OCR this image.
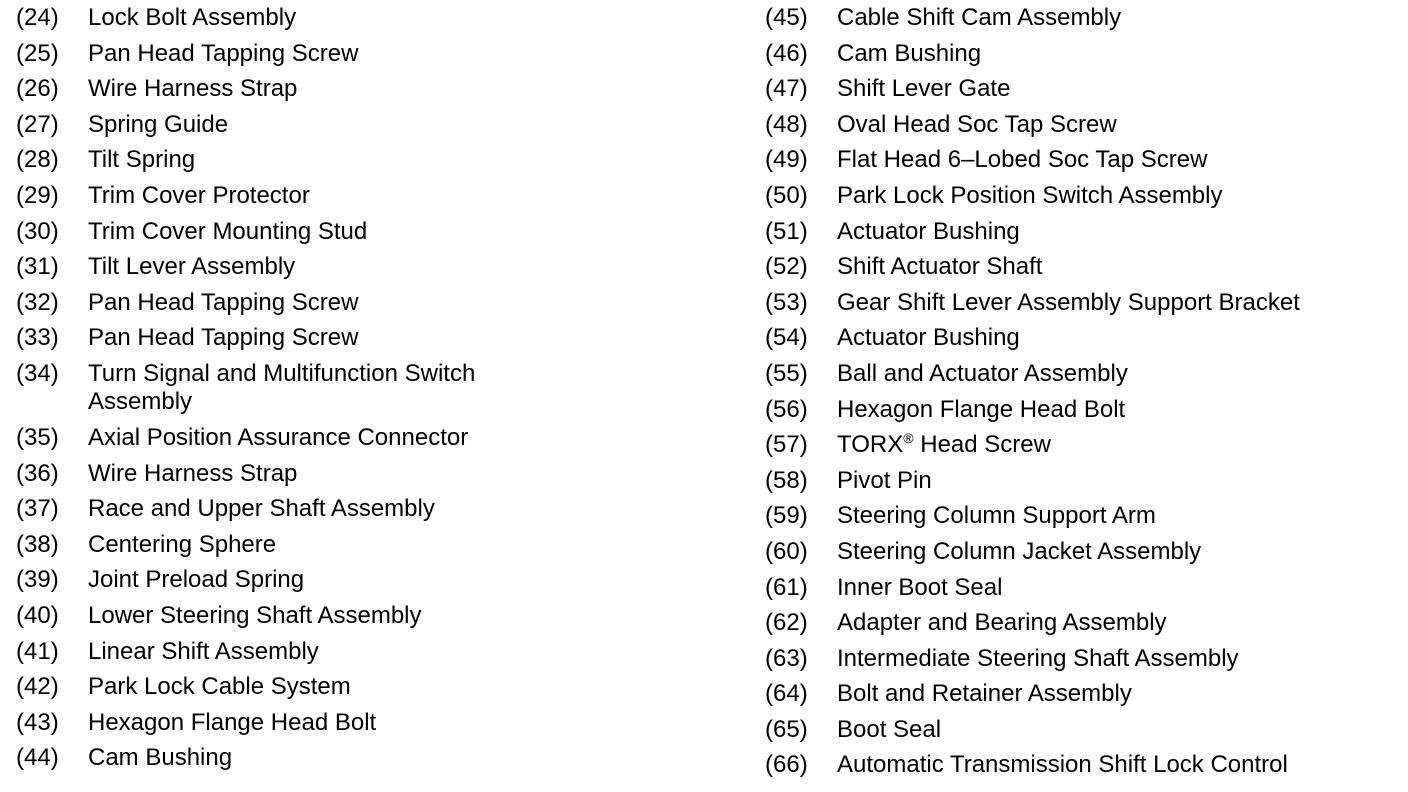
(24)	Lock Bolt Assembly
(25)	Pan Head Tapping Screw
(26)	Wire Harness Strap
(27)	Spring Guide
(28)	Tilt Spring
(29)	Trim Cover Protector
(30)	Trim Cover Mounting Stud
(31)	Tilt Lever Assembly
(32)	Pan Head Tapping Screw
(33)	Pan Head Tapping Screw
(34)	Turn Signal and Multifunction Switch Assembly
(35)	Axial Position Assurance Connector
(36)	Wire Harness Strap
(37)	Race and Upper Shaft Assembly
(38)	Centering Sphere
(39)	Joint Preload Spring
(40)	Lower Steering Shaft Assembly
(41)	Linear Shift Assembly
(42)	Park Lock Cable System
(43)	Hexagon Flange Head Bolt
(44)	Cam Bushing
(45)	Cable Shift Cam Assembly
(46)	Cam Bushing
(47)	Shift Lever Gate
(48)	Oval Head Soc Tap Screw
(49)	Flat Head 6–Lobed Soc Tap Screw
(50)	Park Lock Position Switch Assembly
(51)	Actuator Bushing
(52)	Shift Actuator Shaft
(53)	Gear Shift Lever Assembly Support Bracket
(54)	Actuator Bushing
(55)	Ball and Actuator Assembly
(56)	Hexagon Flange Head Bolt
(57)	TORX® Head Screw
(58)	Pivot Pin
(59)	Steering Column Support Arm
(60)	Steering Column Jacket Assembly
(61)	Inner Boot Seal
(62)	Adapter and Bearing Assembly
(63)	Intermediate Steering Shaft Assembly
(64)	Bolt and Retainer Assembly
(65)	Boot Seal
(66)	Automatic Transmission Shift Lock Control
